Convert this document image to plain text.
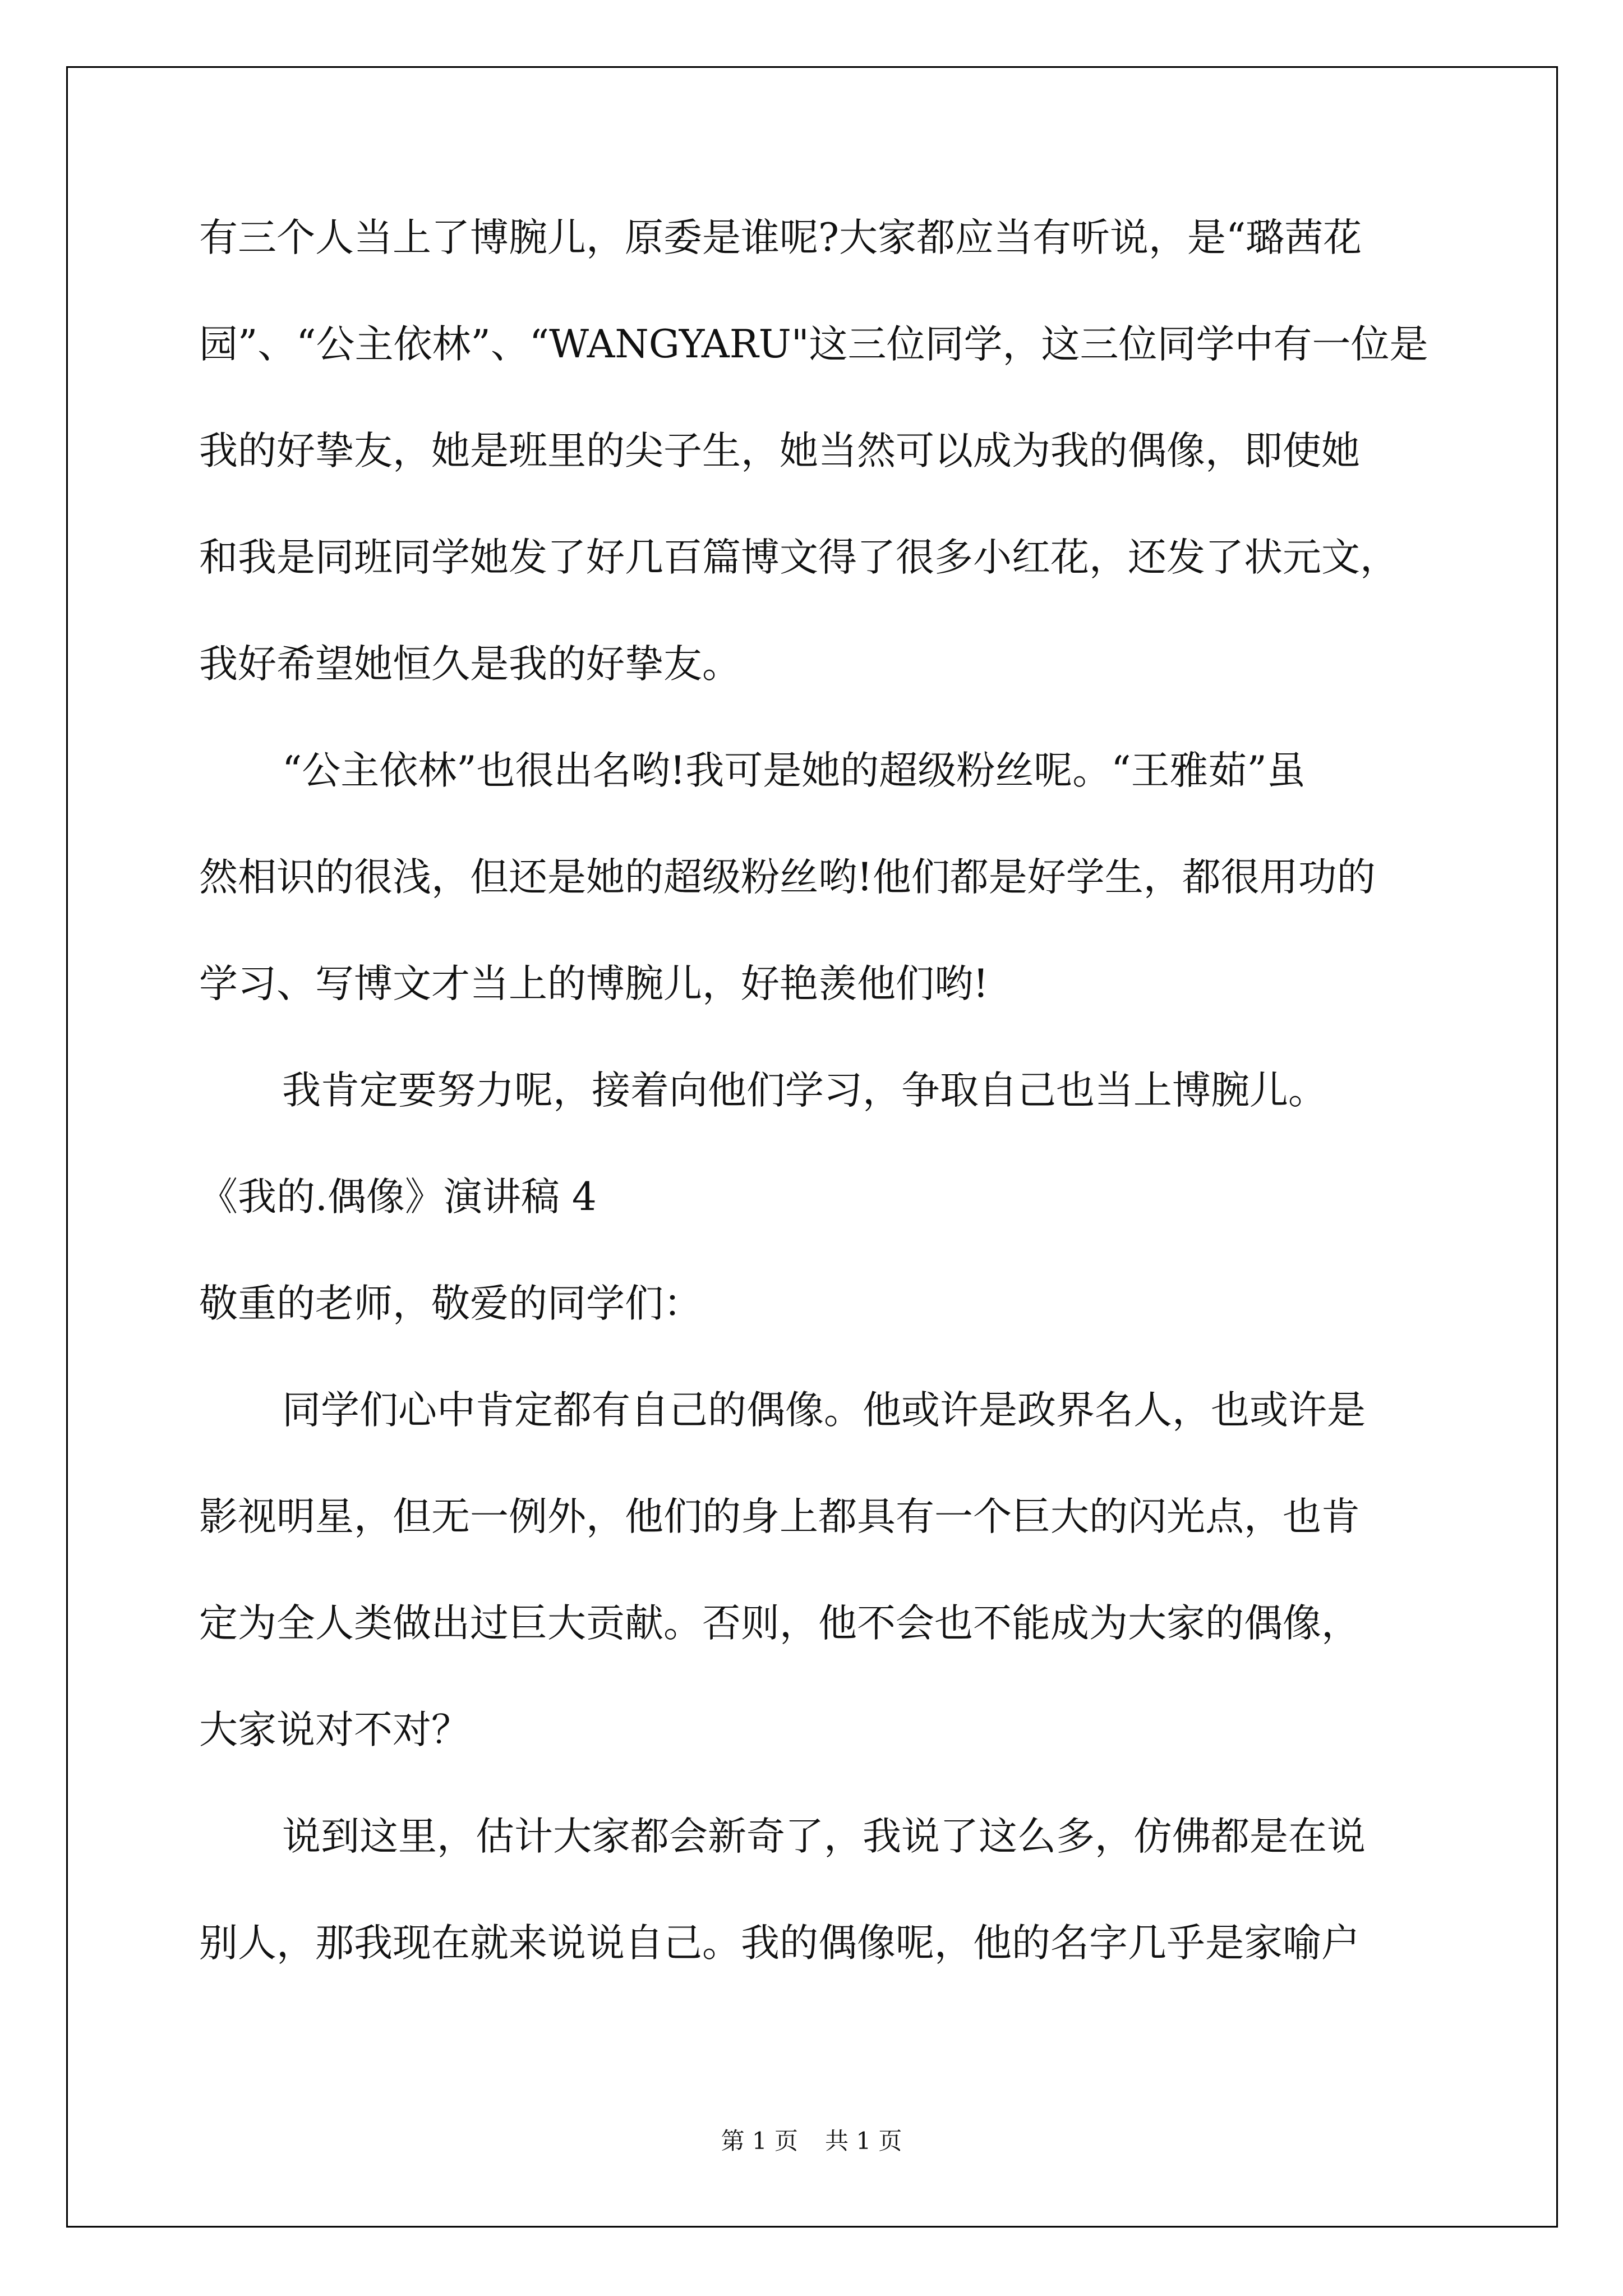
有三个人当上了博腕儿，原委是谁呢?大家都应当有听说，是“璐茜花
园”、“公主依林”、“WANGYARU"这三位同学，这三位同学中有一位是
我的好挚友，她是班里的尖子生，她当然可以成为我的偶像，即使她
和我是同班同学她发了好几百篇博文得了很多小红花，还发了状元文，
我好希望她恒久是我的好挚友。
“公主依林”也很出名哟!我可是她的超级粉丝呢。“王雅茹”虽
然相识的很浅，但还是她的超级粉丝哟!他们都是好学生，都很用功的
学习、写博文才当上的博腕儿，好艳羡他们哟!
我肯定要努力呢，接着向他们学习，争取自己也当上博腕儿。
《我的.偶像》演讲稿 4
敬重的老师，敬爱的同学们：
同学们心中肯定都有自己的偶像。他或许是政界名人，也或许是
影视明星，但无一例外，他们的身上都具有一个巨大的闪光点，也肯
定为全人类做出过巨大贡献。否则，他不会也不能成为大家的偶像，
大家说对不对？
说到这里，估计大家都会新奇了，我说了这么多，仿佛都是在说
别人，那我现在就来说说自己。我的偶像呢，他的名字几乎是家喻户
第 1 页 共 1 页
